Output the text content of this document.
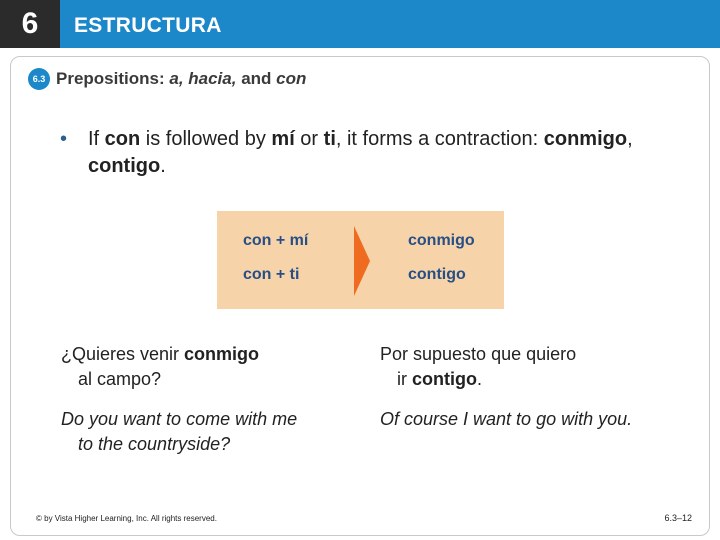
6	ESTRUCTURA
6.3 Prepositions: a, hacia, and con
• If con is followed by mí or ti, it forms a contraction: conmigo, contigo.
con + mí
con + ti
conmigo
contigo
¿Quieres venir conmigo
al campo?
Por supuesto que quiero
ir contigo.
Do you want to come with me
to the countryside?
Of course I want to go with you.
© by Vista Higher Learning, Inc. All rights reserved.	6.3–12
